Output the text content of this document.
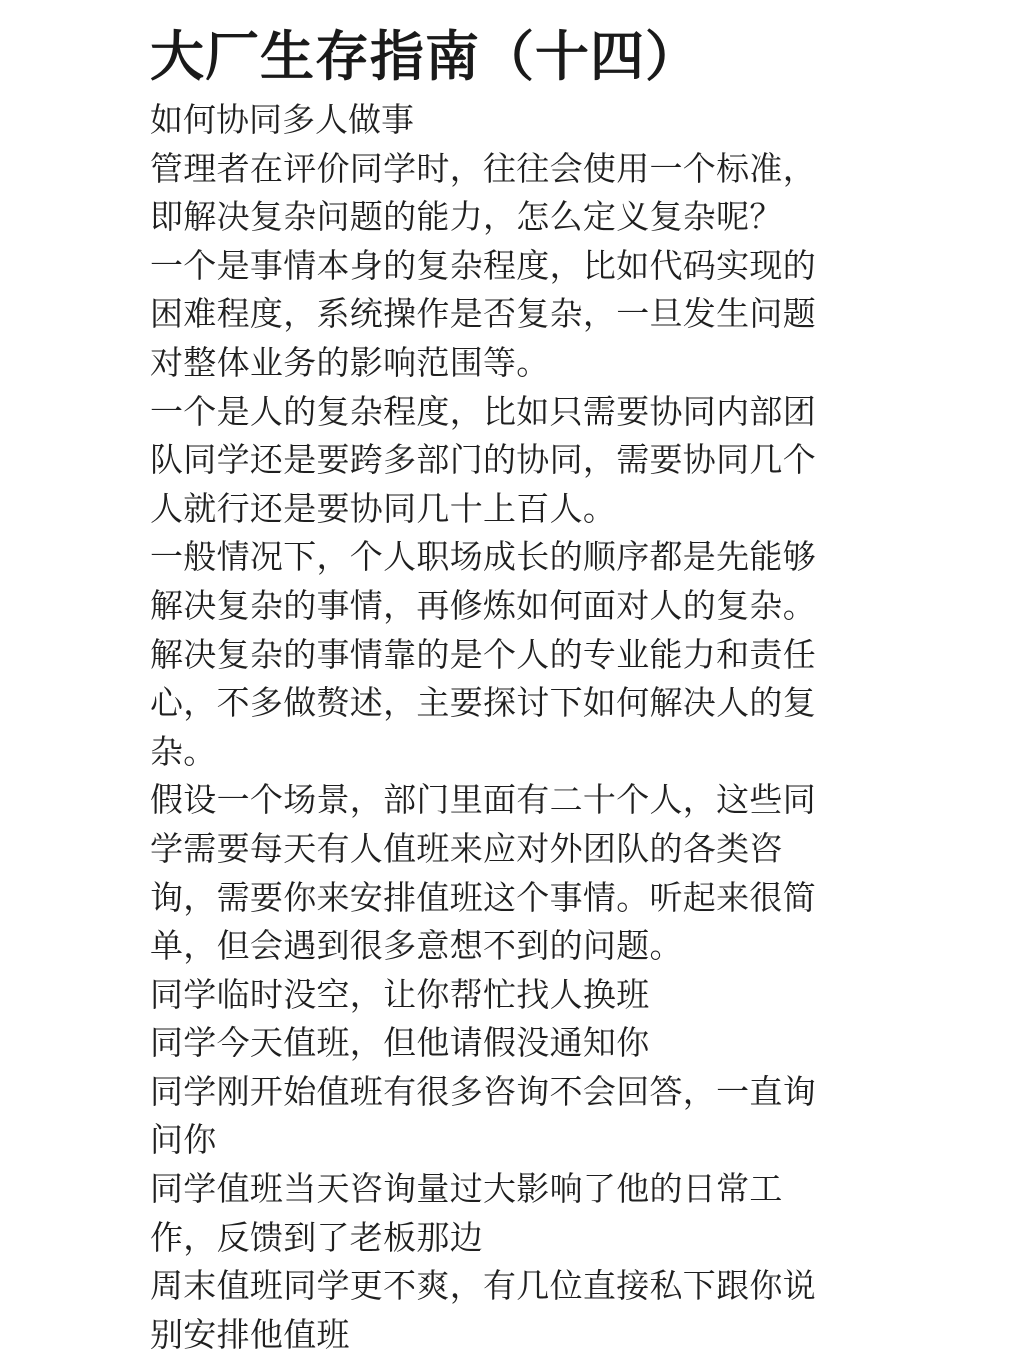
大厂生存指南（十四）

如何协同多人做事

管理者在评价同学时，往往会使用一个标准，

即解决复杂问题的能力，怎么定义复杂呢？

一个是事情本身的复杂程度，比如代码实现的

困难程度，系统操作是否复杂，一旦发生问题

对整体业务的影响范围等。

一个是人的复杂程度，比如只需要协同内部团

队同学还是要跨多部门的协同，需要协同几个

人就行还是要协同几十上百人。

一般情况下，个人职场成长的顺序都是先能够

解决复杂的事情，再修炼如何面对人的复杂。

解决复杂的事情靠的是个人的专业能力和责任

心，不多做赘述，主要探讨下如何解决人的复

杂。

假设一个场景，部门里面有二十个人，这些同

学需要每天有人值班来应对外团队的各类咨

询，需要你来安排值班这个事情。听起来很简

单，但会遇到很多意想不到的问题。

同学临时没空，让你帮忙找人换班

同学今天值班，但他请假没通知你

同学刚开始值班有很多咨询不会回答，一直询

问你

同学值班当天咨询量过大影响了他的日常工

作，反馈到了老板那边

周末值班同学更不爽，有几位直接私下跟你说

别安排他值班
